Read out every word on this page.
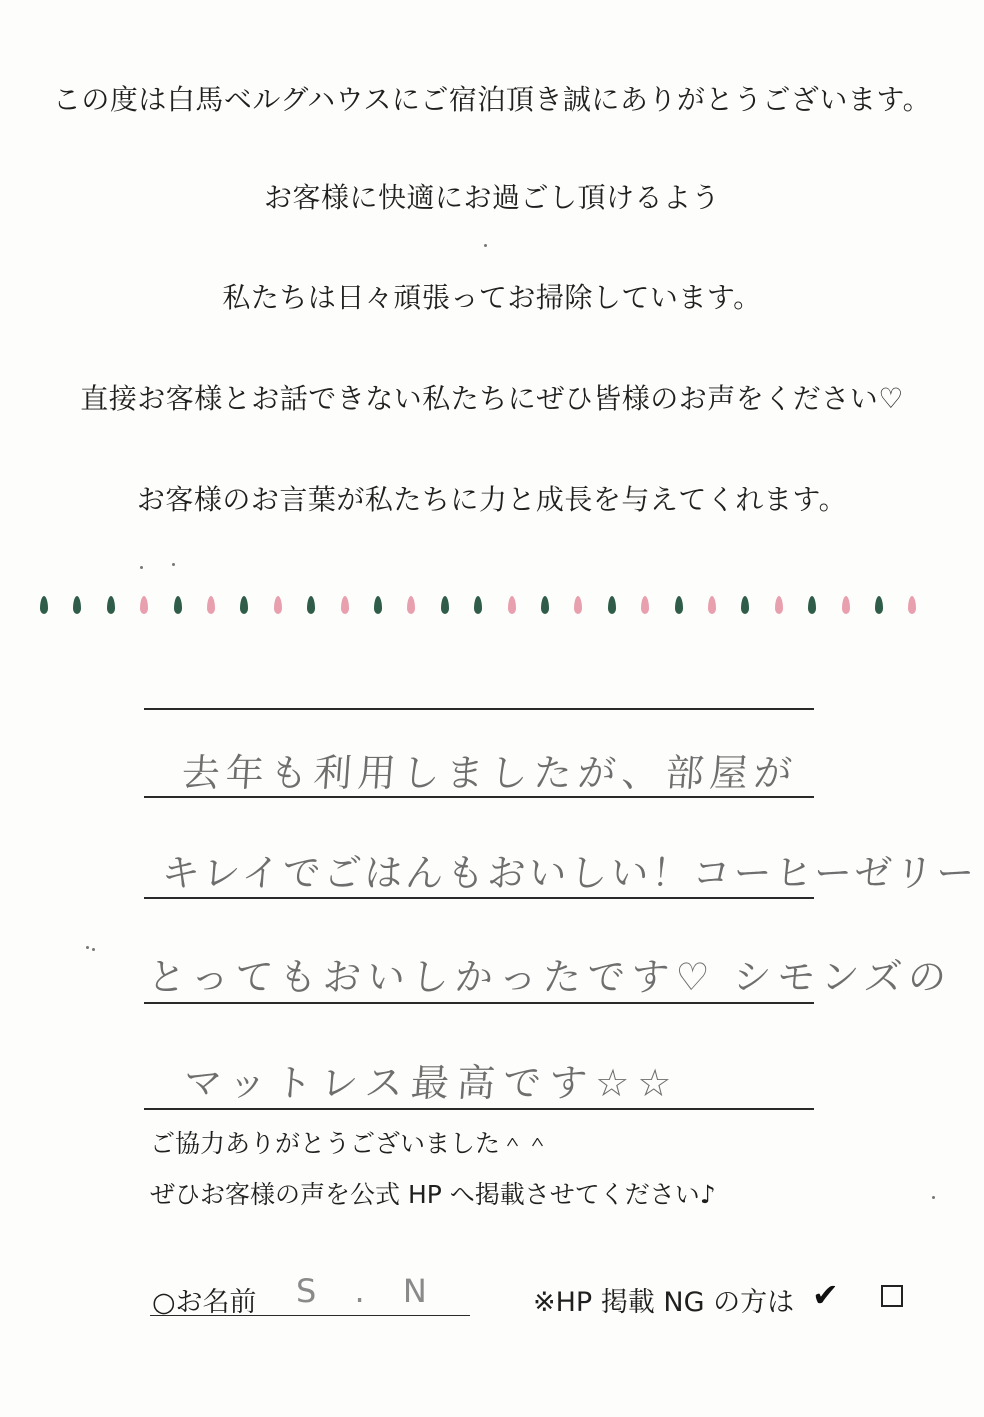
この度は白馬ベルグハウスにご宿泊頂き誠にありがとうございます。
お客様に快適にお過ごし頂けるよう
私たちは日々頑張ってお掃除しています。
直接お客様とお話できない私たちにぜひ皆様のお声をください♡
お客様のお言葉が私たちに力と成長を与えてくれます。
去年も利用しましたが、部屋が
キレイでごはんもおいしい！コーヒーゼリー
とってもおいしかったです♡ シモンズの
マットレス最高です☆☆
ご協力ありがとうございました＾＾
ぜひお客様の声を公式 HP へ掲載させてください♪
○お名前 S . N	※HP 掲載 NG の方は ✔
